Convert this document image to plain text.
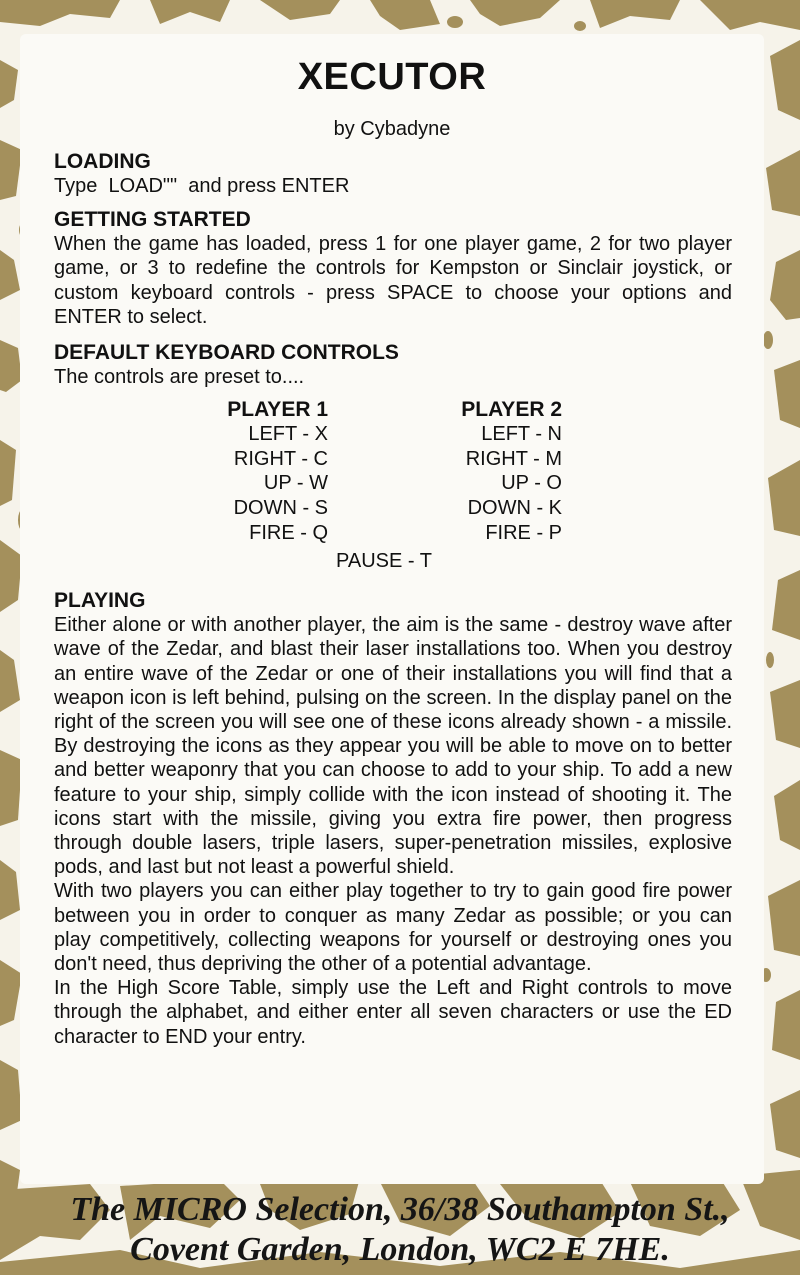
XECUTOR
by Cybadyne

LOADING

Type  LOAD""  and press ENTER

GETTING STARTED

When the game has loaded, press 1 for one player game, 2 for two player game, or 3 to redefine the controls for Kempston or Sinclair joystick, or custom keyboard controls - press SPACE to choose your options and ENTER to select.

DEFAULT KEYBOARD CONTROLS

The controls are preset to....

PLAYER 1
LEFT - X
RIGHT - C
UP - W
DOWN - S
FIRE - Q
PLAYER 2
LEFT - N
RIGHT - M
UP - O
DOWN - K
FIRE - P
PAUSE - T

PLAYING

Either alone or with another player, the aim is the same - destroy wave after wave of the Zedar, and blast their laser installations too. When you destroy an entire wave of the Zedar or one of their installations you will find that a weapon icon is left behind, pulsing on the screen. In the display panel on the right of the screen you will see one of these icons already shown - a missile. By destroying the icons as they appear you will be able to move on to better and better weaponry that you can choose to add to your ship. To add a new feature to your ship, simply collide with the icon instead of shooting it. The icons start with the missile, giving you extra fire power, then progress through double lasers, triple lasers, super-penetration missiles, explosive pods, and last but not least a powerful shield.

With two players you can either play together to try to gain good fire power between you in order to conquer as many Zedar as possible; or you can play competitively, collecting weapons for yourself or destroying ones you don't need, thus depriving the other of a potential advantage.

In the High Score Table, simply use the Left and Right controls to move through the alphabet, and either enter all seven characters or use the ED character to END your entry.

The MICRO Selection, 36/38 Southampton St.,
Covent Garden, London, WC2 E 7HE.
